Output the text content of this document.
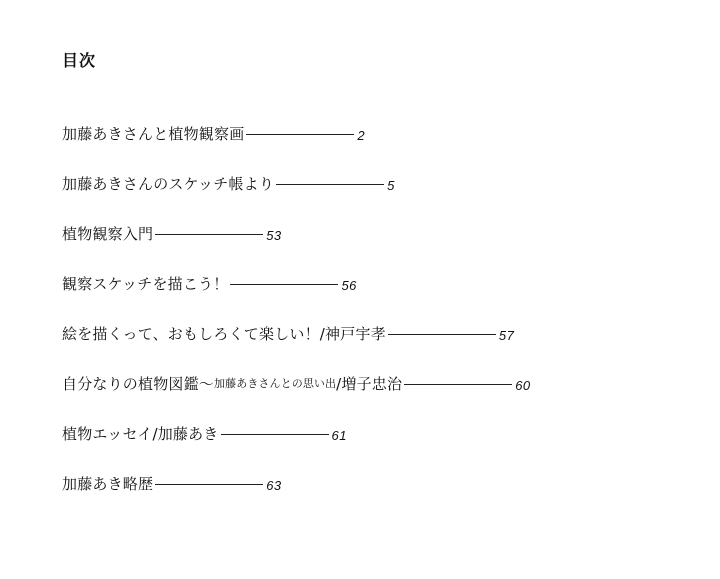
目次
加藤あきさんと植物観察画	2
加藤あきさんのスケッチ帳より	5
植物観察入門	53
観察スケッチを描こう！	56
絵を描くって、おもしろくて楽しい！/神戸宇孝	57
自分なりの植物図鑑〜 加藤あきさんとの思い出 /増子忠治	60
植物エッセイ/加藤あき	61
加藤あき略歴	63
